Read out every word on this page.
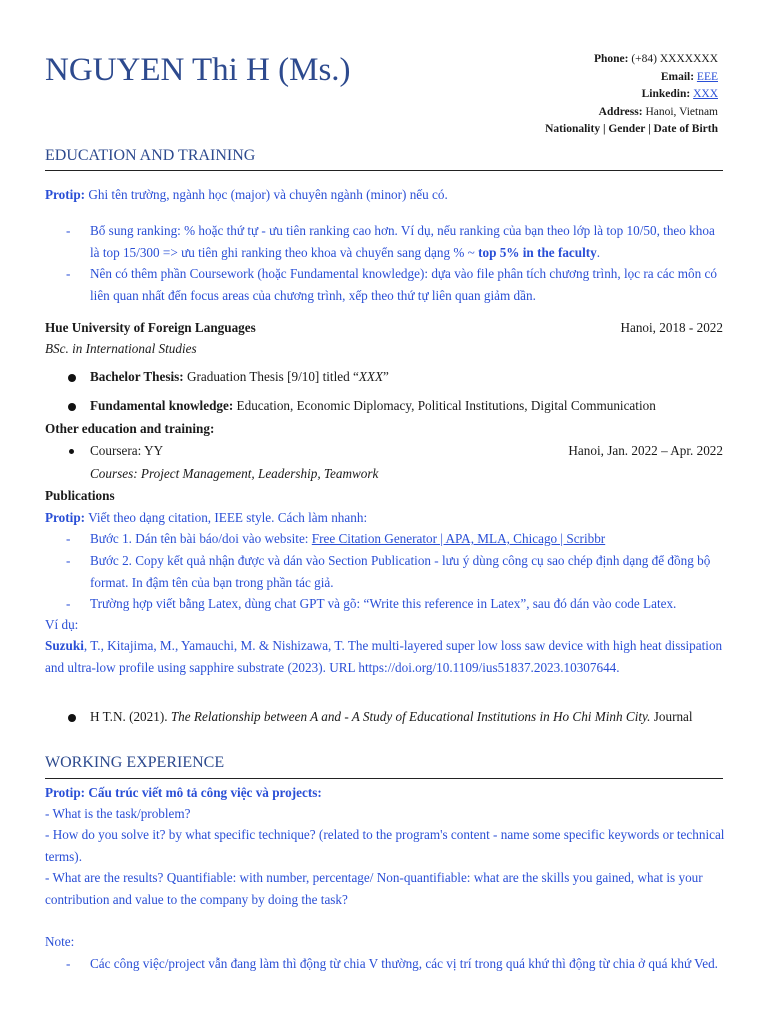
NGUYEN Thi H (Ms.)	Phone: (+84) XXXXXXX
Email: EEE
Linkedin: XXX
Address: Hanoi, Vietnam
Nationality | Gender | Date of Birth
EDUCATION AND TRAINING
Protip: Ghi tên trường, ngành học (major) và chuyên ngành (minor) nếu có.
- Bổ sung ranking: % hoặc thứ tự - ưu tiên ranking cao hơn. Ví dụ, nếu ranking của bạn theo lớp là top 10/50, theo khoa
là top 15/300 => ưu tiên ghi ranking theo khoa và chuyển sang dạng % ~ top 5% in the faculty.
- Nên có thêm phần Coursework (hoặc Fundamental knowledge): dựa vào file phân tích chương trình, lọc ra các môn có
liên quan nhất đến focus areas của chương trình, xếp theo thứ tự liên quan giảm dần.
Hue University of Foreign Languages	Hanoi, 2018 - 2022
BSc. in International Studies
Bachelor Thesis: Graduation Thesis [9/10] titled “XXX”
Fundamental knowledge: Education, Economic Diplomacy, Political Institutions, Digital Communication
Other education and training:
Coursera: YY	Hanoi, Jan. 2022 – Apr. 2022
Courses: Project Management, Leadership, Teamwork
Publications
Protip: Viết theo dạng citation, IEEE style. Cách làm nhanh:
- Bước 1. Dán tên bài báo/doi vào website: Free Citation Generator | APA, MLA, Chicago | Scribbr
- Bước 2. Copy kết quả nhận được và dán vào Section Publication - lưu ý dùng công cụ sao chép định dạng để đồng bộ
format. In đậm tên của bạn trong phần tác giả.
- Trường hợp viết bằng Latex, dùng chat GPT và gõ: “Write this reference in Latex”, sau đó dán vào code Latex.
Ví dụ:
Suzuki, T., Kitajima, M., Yamauchi, M. & Nishizawa, T. The multi-layered super low loss saw device with high heat dissipation
and ultra-low profile using sapphire substrate (2023). URL https://doi.org/10.1109/ius51837.2023.10307644.
H T.N. (2021). The Relationship between A and - A Study of Educational Institutions in Ho Chi Minh City. Journal
WORKING EXPERIENCE
Protip: Cấu trúc viết mô tả công việc và projects:
- What is the task/problem?
- How do you solve it? by what specific technique? (related to the program's content - name some specific keywords or technical
terms).
- What are the results? Quantifiable: with number, percentage/ Non-quantifiable: what are the skills you gained, what is your
contribution and value to the company by doing the task?
Note:
- Các công việc/project vẫn đang làm thì động từ chia V thường, các vị trí trong quá khứ thì động từ chia ở quá khứ Ved.
